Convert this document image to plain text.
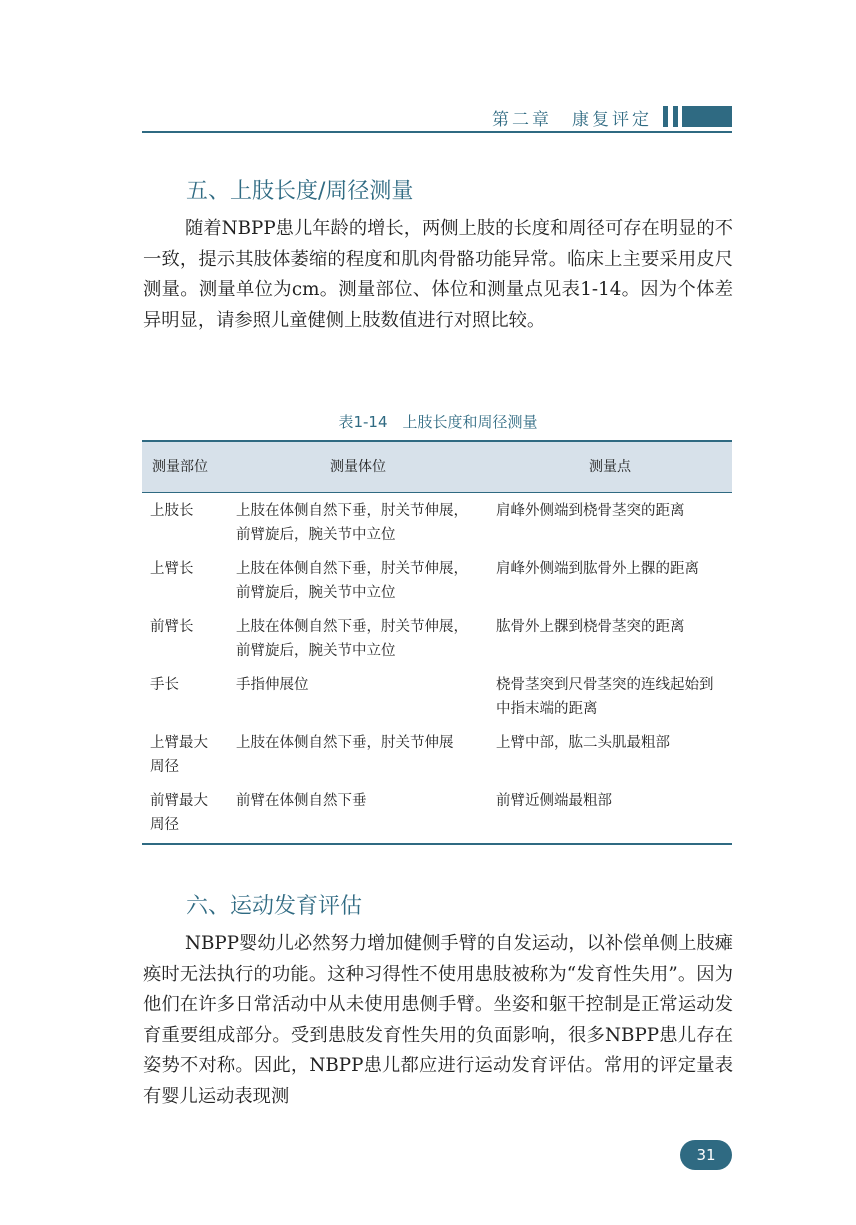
第二章　康复评定
五、上肢长度/周径测量

随着NBPP患儿年龄的增长，两侧上肢的长度和周径可存在明显的不一致，提示其肢体萎缩的程度和肌肉骨骼功能异常。临床上主要采用皮尺测量。测量单位为cm。测量部位、体位和测量点见表1-14。因为个体差异明显，请参照儿童健侧上肢数值进行对照比较。

表1-14　上肢长度和周径测量
测量部位	测量体位	测量点
上肢长	上肢在体侧自然下垂，肘关节伸展，前臂旋后，腕关节中立位	肩峰外侧端到桡骨茎突的距离
上臂长	上肢在体侧自然下垂，肘关节伸展，前臂旋后，腕关节中立位	肩峰外侧端到肱骨外上髁的距离
前臂长	上肢在体侧自然下垂，肘关节伸展，前臂旋后，腕关节中立位	肱骨外上髁到桡骨茎突的距离
手长	手指伸展位	桡骨茎突到尺骨茎突的连线起始到中指末端的距离
上臂最大周径	上肢在体侧自然下垂，肘关节伸展	上臂中部，肱二头肌最粗部
前臂最大周径	前臂在体侧自然下垂	前臂近侧端最粗部
六、运动发育评估

NBPP婴幼儿必然努力增加健侧手臂的自发运动，以补偿单侧上肢瘫痪时无法执行的功能。这种习得性不使用患肢被称为“发育性失用”。因为他们在许多日常活动中从未使用患侧手臂。坐姿和躯干控制是正常运动发育重要组成部分。受到患肢发育性失用的负面影响，很多NBPP患儿存在姿势不对称。因此，NBPP患儿都应进行运动发育评估。常用的评定量表有婴儿运动表现测

31
